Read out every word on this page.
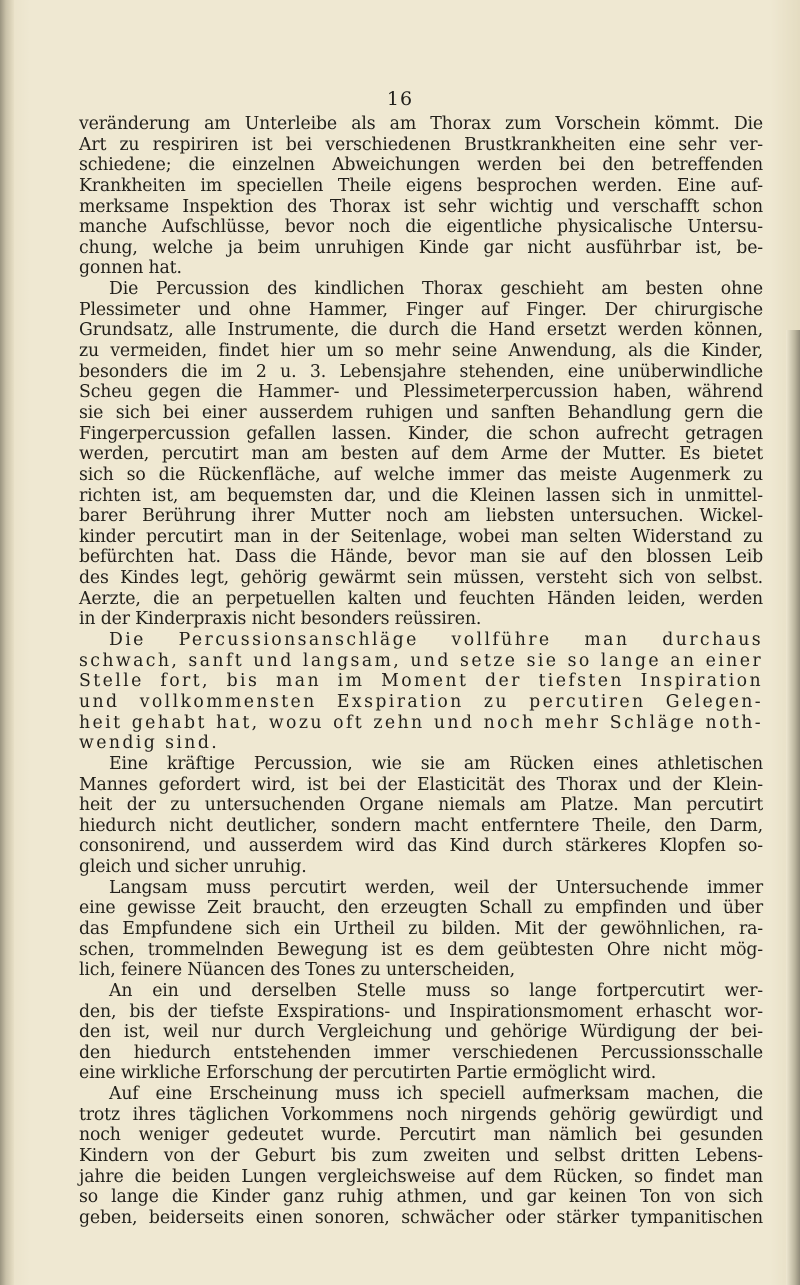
16
veränderung am Unterleibe als am Thorax zum Vorschein kömmt. Die
Art zu respiriren ist bei verschiedenen Brustkrankheiten eine sehr ver-
schiedene; die einzelnen Abweichungen werden bei den betreffenden
Krankheiten im speciellen Theile eigens besprochen werden. Eine auf-
merksame Inspektion des Thorax ist sehr wichtig und verschafft schon
manche Aufschlüsse, bevor noch die eigentliche physicalische Untersu-
chung, welche ja beim unruhigen Kinde gar nicht ausführbar ist, be-
gonnen hat.
Die Percussion des kindlichen Thorax geschieht am besten ohne
Plessimeter und ohne Hammer, Finger auf Finger. Der chirurgische
Grundsatz, alle Instrumente, die durch die Hand ersetzt werden können,
zu vermeiden, findet hier um so mehr seine Anwendung, als die Kinder,
besonders die im 2 u. 3. Lebensjahre stehenden, eine unüberwindliche
Scheu gegen die Hammer- und Plessimeterpercussion haben, während
sie sich bei einer ausserdem ruhigen und sanften Behandlung gern die
Fingerpercussion gefallen lassen. Kinder, die schon aufrecht getragen
werden, percutirt man am besten auf dem Arme der Mutter. Es bietet
sich so die Rückenfläche, auf welche immer das meiste Augenmerk zu
richten ist, am bequemsten dar, und die Kleinen lassen sich in unmittel-
barer Berührung ihrer Mutter noch am liebsten untersuchen. Wickel-
kinder percutirt man in der Seitenlage, wobei man selten Widerstand zu
befürchten hat. Dass die Hände, bevor man sie auf den blossen Leib
des Kindes legt, gehörig gewärmt sein müssen, versteht sich von selbst.
Aerzte, die an perpetuellen kalten und feuchten Händen leiden, werden
in der Kinderpraxis nicht besonders reüssiren.
Die Percussionsanschläge vollführe man durchaus
schwach, sanft und langsam, und setze sie so lange an einer
Stelle fort, bis man im Moment der tiefsten Inspiration
und vollkommensten Exspiration zu percutiren Gelegen-
heit gehabt hat, wozu oft zehn und noch mehr Schläge noth-
wendig sind.
Eine kräftige Percussion, wie sie am Rücken eines athletischen
Mannes gefordert wird, ist bei der Elasticität des Thorax und der Klein-
heit der zu untersuchenden Organe niemals am Platze. Man percutirt
hiedurch nicht deutlicher, sondern macht entferntere Theile, den Darm,
consonirend, und ausserdem wird das Kind durch stärkeres Klopfen so-
gleich und sicher unruhig.
Langsam muss percutirt werden, weil der Untersuchende immer
eine gewisse Zeit braucht, den erzeugten Schall zu empfinden und über
das Empfundene sich ein Urtheil zu bilden. Mit der gewöhnlichen, ra-
schen, trommelnden Bewegung ist es dem geübtesten Ohre nicht mög-
lich, feinere Nüancen des Tones zu unterscheiden,
An ein und derselben Stelle muss so lange fortpercutirt wer-
den, bis der tiefste Exspirations- und Inspirationsmoment erhascht wor-
den ist, weil nur durch Vergleichung und gehörige Würdigung der bei-
den hiedurch entstehenden immer verschiedenen Percussionsschalle
eine wirkliche Erforschung der percutirten Partie ermöglicht wird.
Auf eine Erscheinung muss ich speciell aufmerksam machen, die
trotz ihres täglichen Vorkommens noch nirgends gehörig gewürdigt und
noch weniger gedeutet wurde. Percutirt man nämlich bei gesunden
Kindern von der Geburt bis zum zweiten und selbst dritten Lebens-
jahre die beiden Lungen vergleichsweise auf dem Rücken, so findet man
so lange die Kinder ganz ruhig athmen, und gar keinen Ton von sich
geben, beiderseits einen sonoren, schwächer oder stärker tympanitischen
